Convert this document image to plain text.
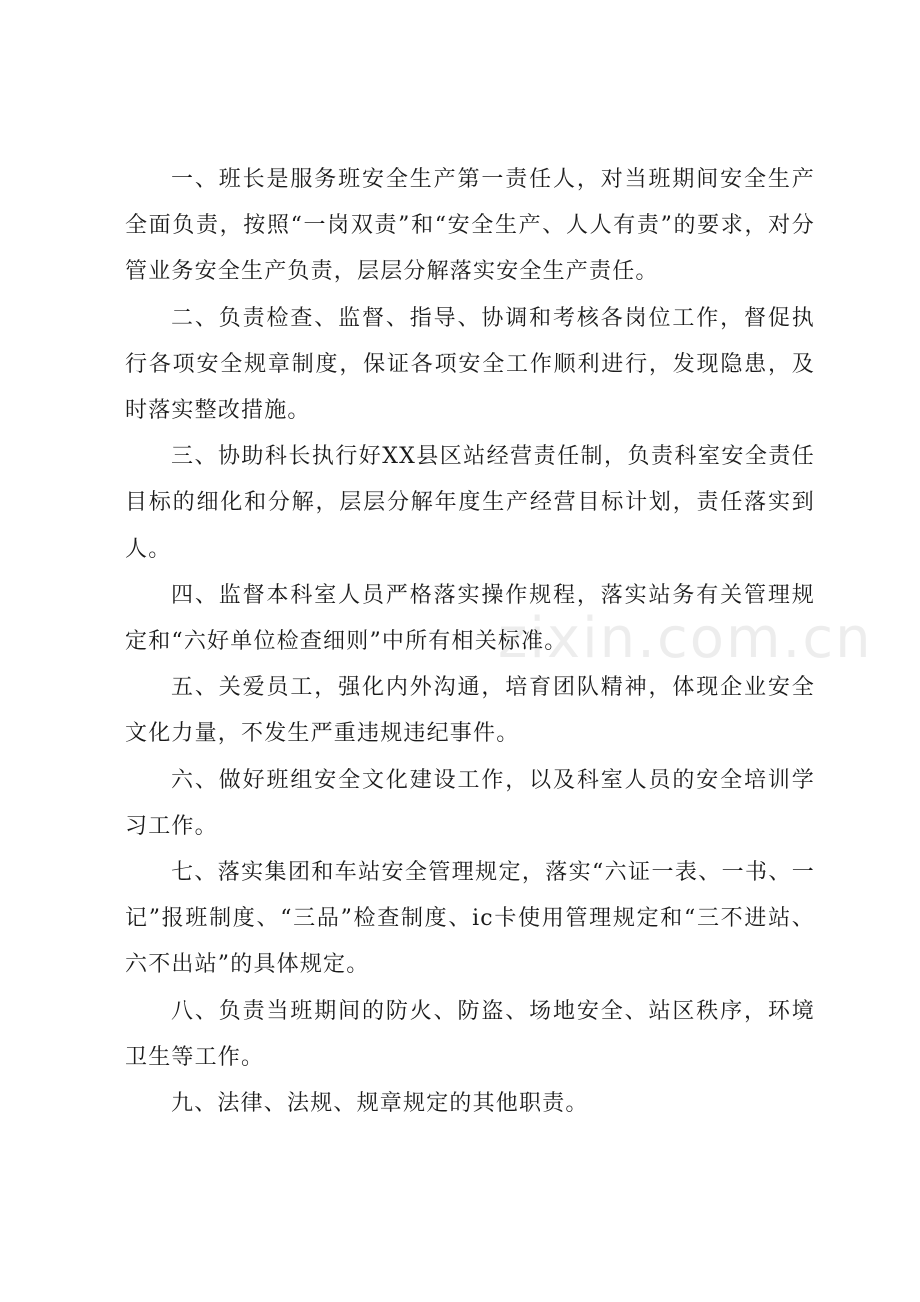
一、班长是服务班安全生产第一责任人，对当班期间安全生产全面负责，按照“一岗双责”和“安全生产、人人有责”的要求，对分管业务安全生产负责，层层分解落实安全生产责任。

二、负责检查、监督、指导、协调和考核各岗位工作，督促执行各项安全规章制度，保证各项安全工作顺利进行，发现隐患，及时落实整改措施。

三、协助科长执行好XX县区站经营责任制，负责科室安全责任目标的细化和分解，层层分解年度生产经营目标计划，责任落实到人。

四、监督本科室人员严格落实操作规程，落实站务有关管理规定和“六好单位检查细则”中所有相关标准。

五、关爱员工，强化内外沟通，培育团队精神，体现企业安全文化力量，不发生严重违规违纪事件。

六、做好班组安全文化建设工作，以及科室人员的安全培训学习工作。

七、落实集团和车站安全管理规定，落实“六证一表、一书、一记”报班制度、“三品”检查制度、ic卡使用管理规定和“三不进站、六不出站”的具体规定。

八、负责当班期间的防火、防盗、场地安全、站区秩序，环境卫生等工作。

九、法律、法规、规章规定的其他职责。

zixin.com.cn
